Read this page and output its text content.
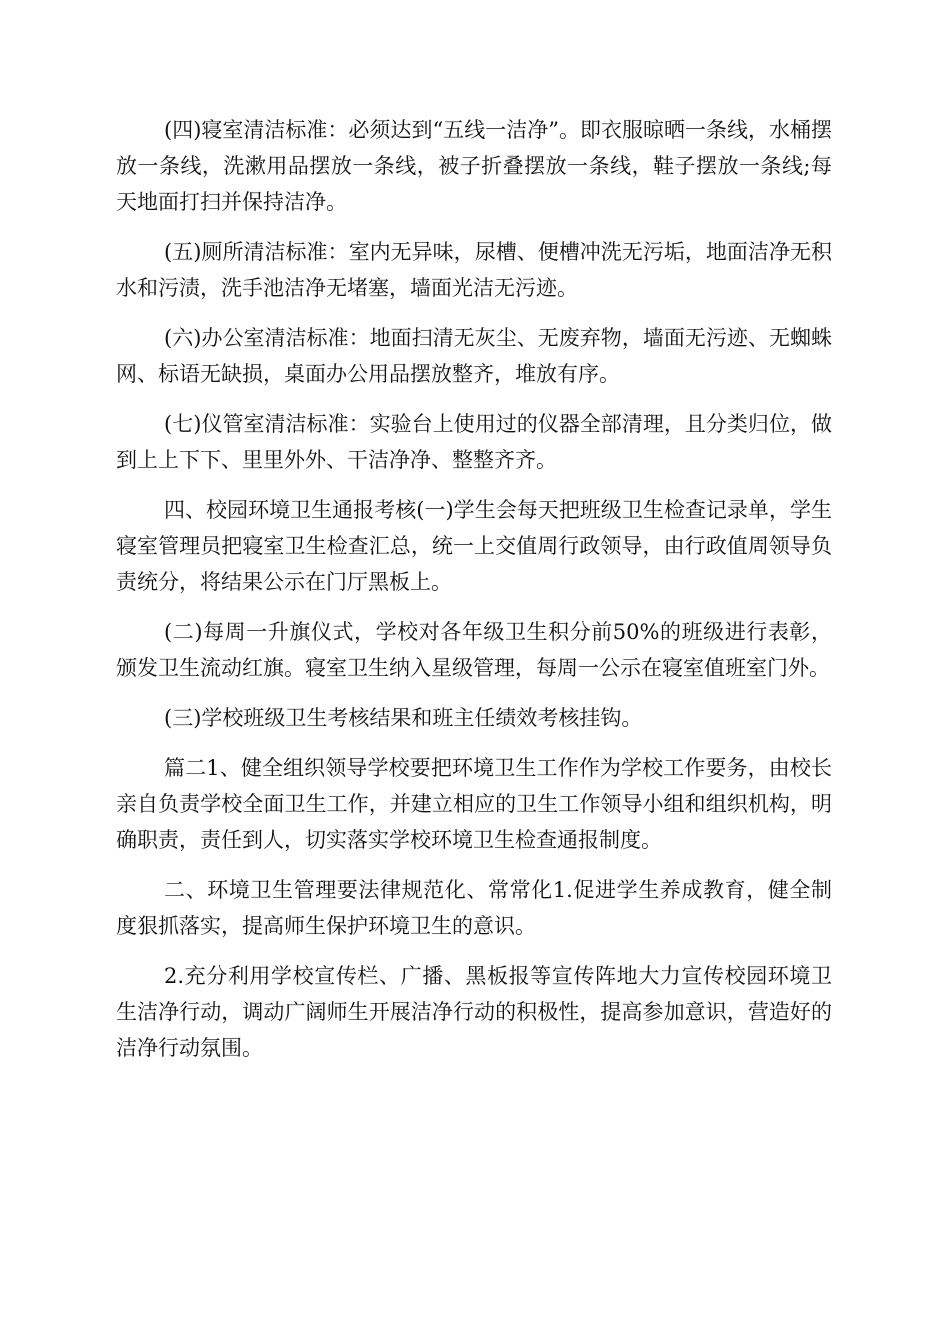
(四)寝室清洁标准：必须达到“五线一洁净”。即衣服晾晒一条线，水桶摆放一条线，洗漱用品摆放一条线，被子折叠摆放一条线，鞋子摆放一条线;每天地面打扫并保持洁净。

(五)厕所清洁标准：室内无异味，尿槽、便槽冲洗无污垢，地面洁净无积水和污渍，洗手池洁净无堵塞，墙面光洁无污迹。

(六)办公室清洁标准：地面扫清无灰尘、无废弃物，墙面无污迹、无蜘蛛网、标语无缺损，桌面办公用品摆放整齐，堆放有序。

(七)仪管室清洁标准：实验台上使用过的仪器全部清理，且分类归位，做到上上下下、里里外外、干洁净净、整整齐齐。

四、校园环境卫生通报考核(一)学生会每天把班级卫生检查记录单，学生寝室管理员把寝室卫生检查汇总，统一上交值周行政领导，由行政值周领导负责统分，将结果公示在门厅黑板上。

(二)每周一升旗仪式，学校对各年级卫生积分前50%的班级进行表彰，颁发卫生流动红旗。寝室卫生纳入星级管理，每周一公示在寝室值班室门外。

(三)学校班级卫生考核结果和班主任绩效考核挂钩。

篇二1、健全组织领导学校要把环境卫生工作作为学校工作要务，由校长亲自负责学校全面卫生工作，并建立相应的卫生工作领导小组和组织机构，明确职责，责任到人，切实落实学校环境卫生检查通报制度。

二、环境卫生管理要法律规范化、常常化1.促进学生养成教育，健全制度狠抓落实，提高师生保护环境卫生的意识。

2.充分利用学校宣传栏、广播、黑板报等宣传阵地大力宣传校园环境卫生洁净行动，调动广阔师生开展洁净行动的积极性，提高参加意识，营造好的洁净行动氛围。
